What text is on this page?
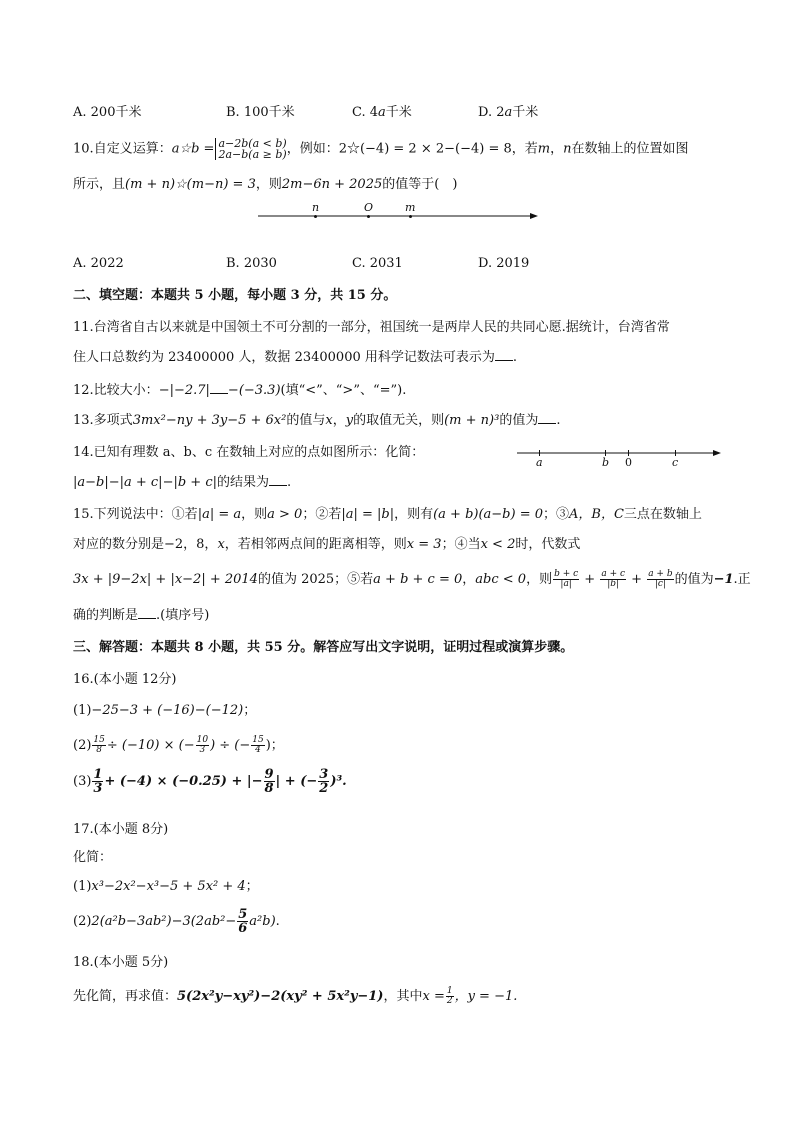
A. 200千米	B. 100千米	C. 4a千米	D. 2a千米
10.自定义运算：a☆b = a−2b(a < b)
2a−b(a ≥ b) ，例如：2☆(−4) = 2 × 2−(−4) = 8，若m，n在数轴上的位置如图
所示，且(m + n)☆(m−n) = 3，则2m−6n + 2025的值等于(　)
n	O	m
A. 2022	B. 2030	C. 2031	D. 2019
二、填空题：本题共 5 小题，每小题 3 分，共 15 分。
11.台湾省自古以来就是中国领土不可分割的一部分，祖国统一是两岸人民的共同心愿.据统计，台湾省常
住人口总数约为 23400000 人，数据 23400000 用科学记数法可表示为 .
12.比较大小：−|−2.7| −(−3.3)(填“<”、“>”、“=”).
13.多项式3mx²−ny + 3y−5 + 6x²的值与x，y的取值无关，则(m + n)³的值为 .
14.已知有理数 a、b、c 在数轴上对应的点如图所示：化简：
|a−b|−|a + c|−|b + c|的结果为 .
a	b 0	c
15.下列说法中：①若|a| = a，则a > 0；②若|a| = |b|，则有(a + b)(a−b) = 0；③A，B，C三点在数轴上
对应的数分别是−2，8，x，若相邻两点间的距离相等，则x = 3；④当x < 2时，代数式
3x + |9−2x| + |x−2| + 2014的值为 2025；⑤若a + b + c = 0，abc < 0，则 $\frac{b + c}{|a|} + \frac{a + c}{|b|} + \frac{a + b}{|c|}$ 的值为−1.正
确的判断是 .(填序号)
三、解答题：本题共 8 小题，共 55 分。解答应写出文字说明，证明过程或演算步骤。
16.(本小题 12分)
(1)−25−3 + (−16)−(−12)；
$(2) \frac{15}{8} \div (-10)$ × (− $\frac{10}{3}$ ) ÷ (− $\frac{15}{4}$ )；
$(3) \frac{1}{3} + (-4) \times (-0.25)$ + |− $\frac{9}{8}$ | + (− $\frac{3}{2} )^3$.
17.(本小题 8分)
化简：
(1)x³−2x²−x³−5 + 5x² + 4；
$(2)2(a^2b-3ab^2)-3(2ab^2- \frac{5}{6} a^2b)$.
18.(本小题 5分)
先化简，再求值：5(2x²y−xy²)−2(xy² + 5x²y−1)，其中$x = \frac{1}{2}$ ，y = −1.
